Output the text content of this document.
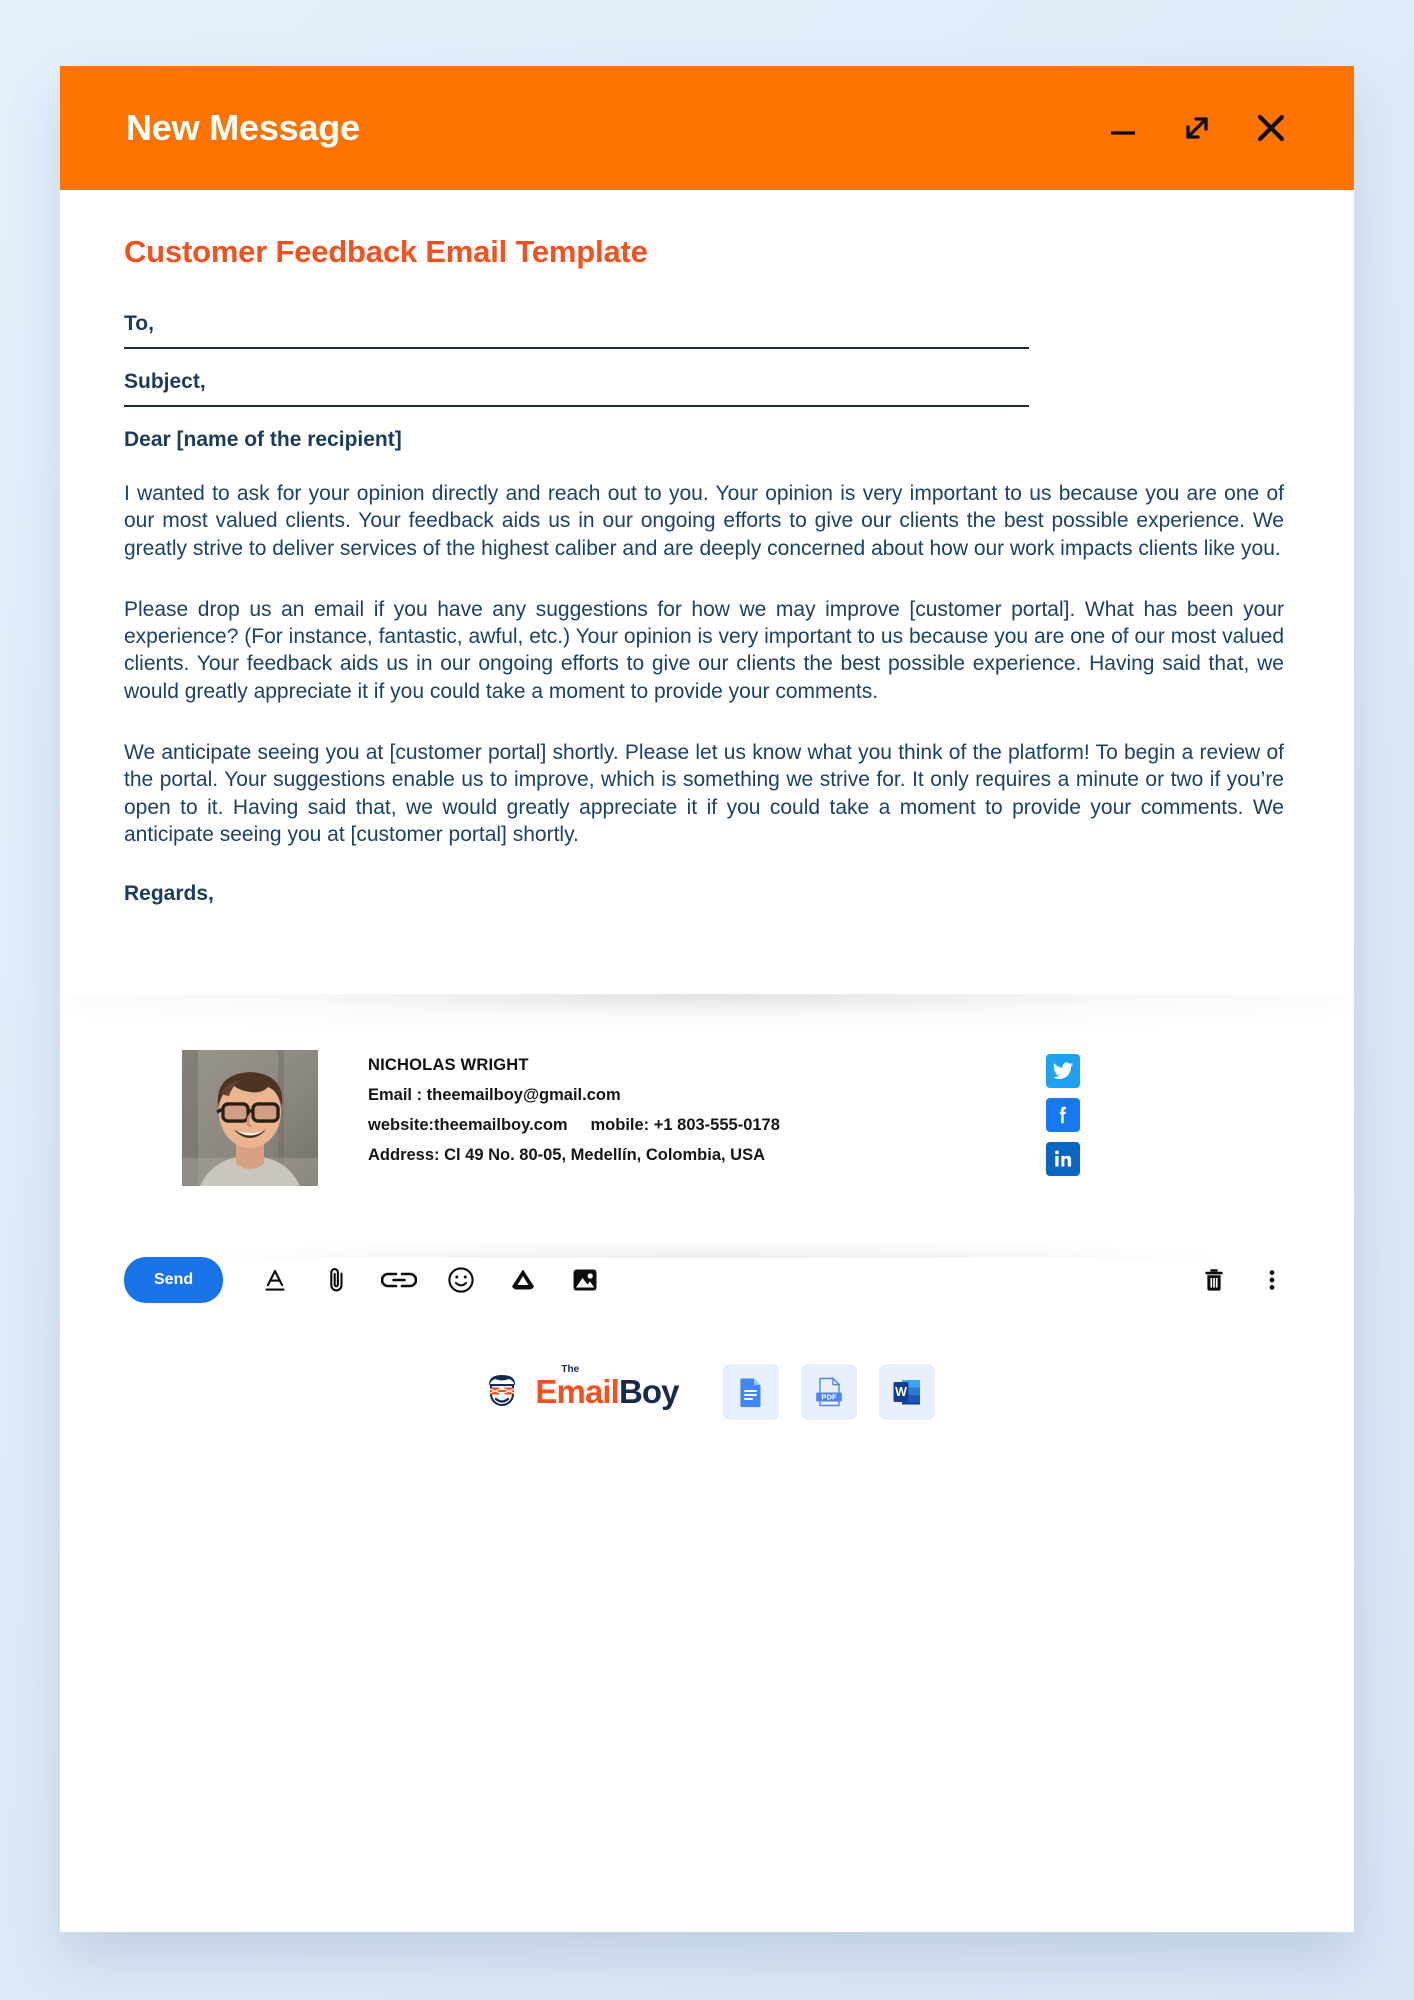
New Message
Customer Feedback Email Template
To,
Subject,
Dear [name of the recipient]

I wanted to ask for your opinion directly and reach out to you. Your opinion is very important to us because you are one of our most valued clients. Your feedback aids us in our ongoing efforts to give our clients the best possible experience. We greatly strive to deliver services of the highest caliber and are deeply concerned about how our work impacts clients like you.

Please drop us an email if you have any suggestions for how we may improve [customer portal]. What has been your experience? (For instance, fantastic, awful, etc.) Your opinion is very important to us because you are one of our most valued clients. Your feedback aids us in our ongoing efforts to give our clients the best possible experience. Having said that, we would greatly appreciate it if you could take a moment to provide your comments.

We anticipate seeing you at [customer portal] shortly. Please let us know what you think of the platform! To begin a review of the portal. Your suggestions enable us to improve, which is something we strive for. It only requires a minute or two if you’re open to it. Having said that, we would greatly appreciate it if you could take a moment to provide your comments. We anticipate seeing you at [customer portal] shortly.

Regards,
NICHOLAS WRIGHT
Email : theemailboy@gmail.com
website:theemailboy.com     mobile: +1 803-555-0178
Address: Cl 49 No. 80-05, Medellín, Colombia, USA
Send
The
EmailBoy	PDF	W
